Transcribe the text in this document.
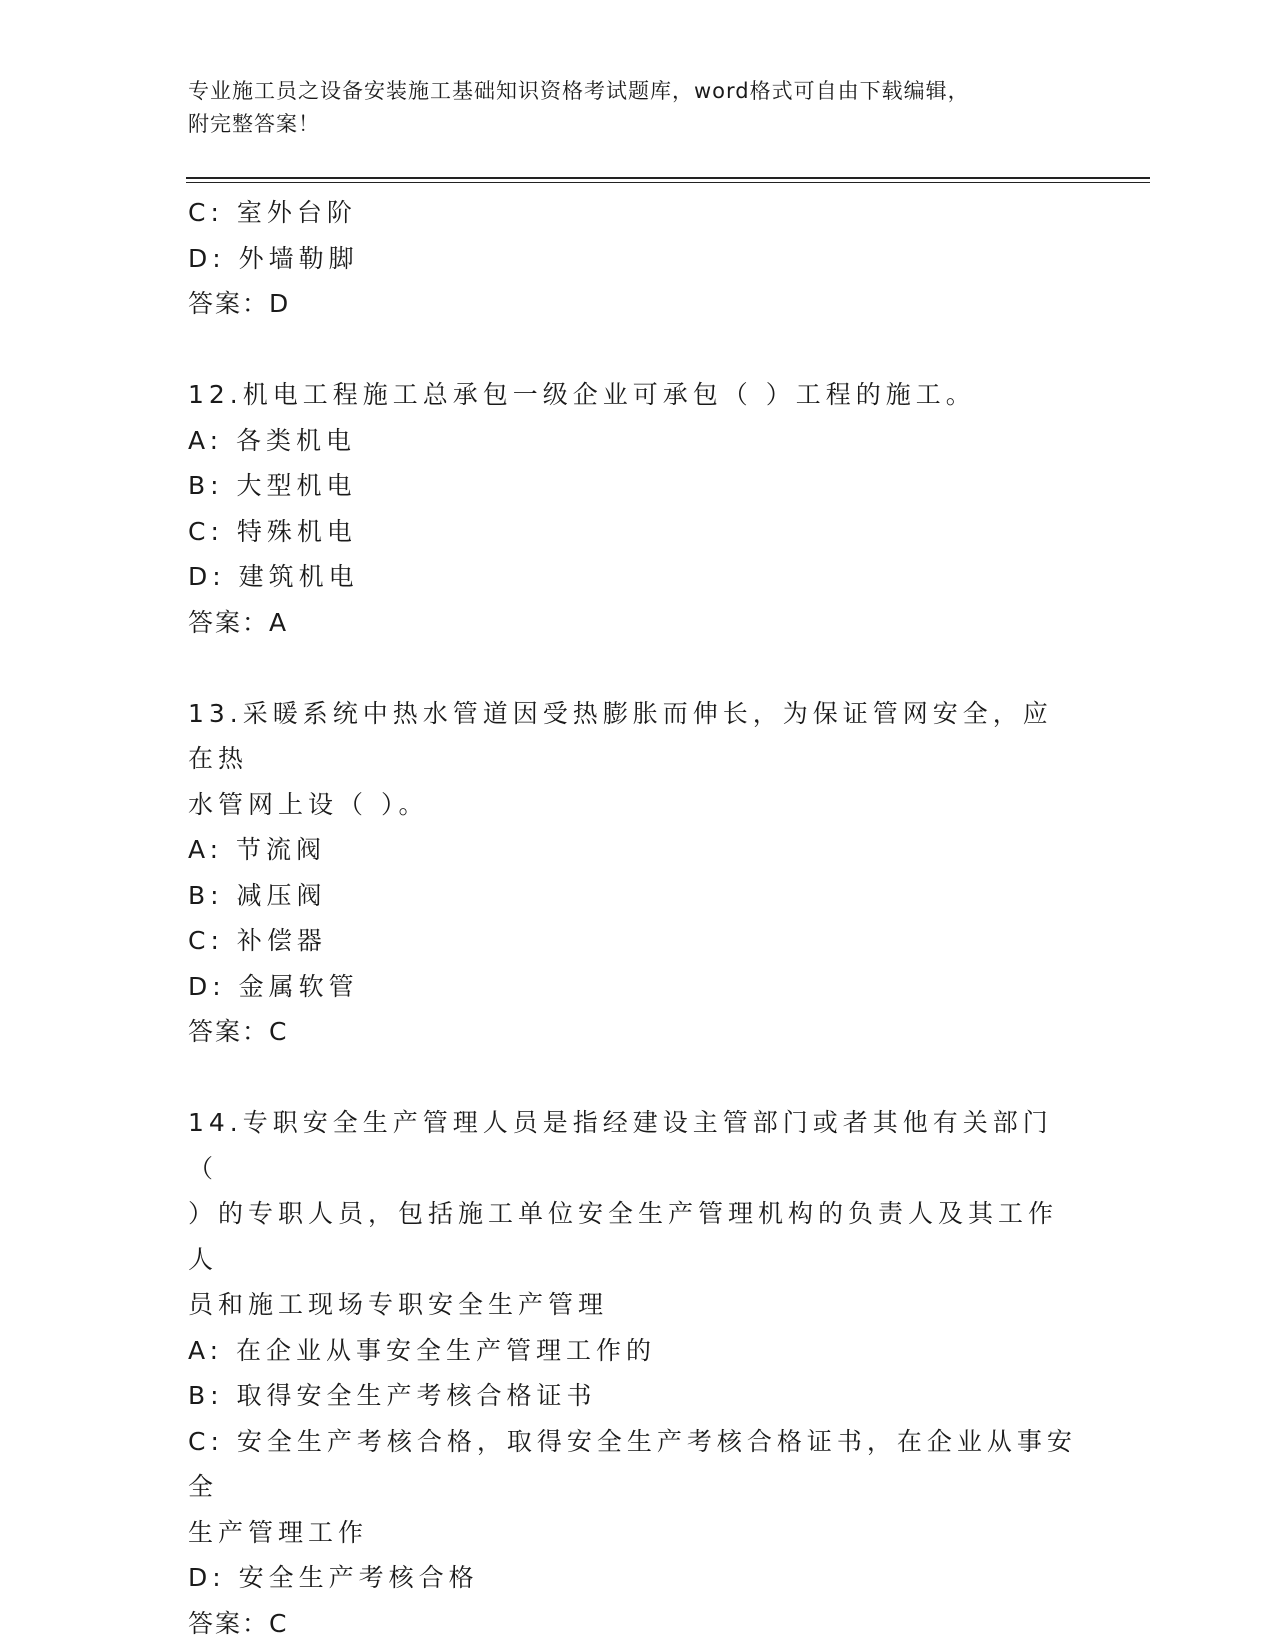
专业施工员之设备安装施工基础知识资格考试题库，word格式可自由下载编辑，
附完整答案！
C: 室外台阶
D: 外墙勒脚
答案：D
12.机电工程施工总承包一级企业可承包（ ）工程的施工。
A: 各类机电
B: 大型机电
C: 特殊机电
D: 建筑机电
答案：A
13.采暖系统中热水管道因受热膨胀而伸长，为保证管网安全，应在热
水管网上设（ ）。
A: 节流阀
B: 减压阀
C: 补偿器
D: 金属软管
答案：C
14.专职安全生产管理人员是指经建设主管部门或者其他有关部门（
）的专职人员，包括施工单位安全生产管理机构的负责人及其工作人
员和施工现场专职安全生产管理
A: 在企业从事安全生产管理工作的
B: 取得安全生产考核合格证书
C: 安全生产考核合格，取得安全生产考核合格证书，在企业从事安全
生产管理工作
D: 安全生产考核合格
答案：C
